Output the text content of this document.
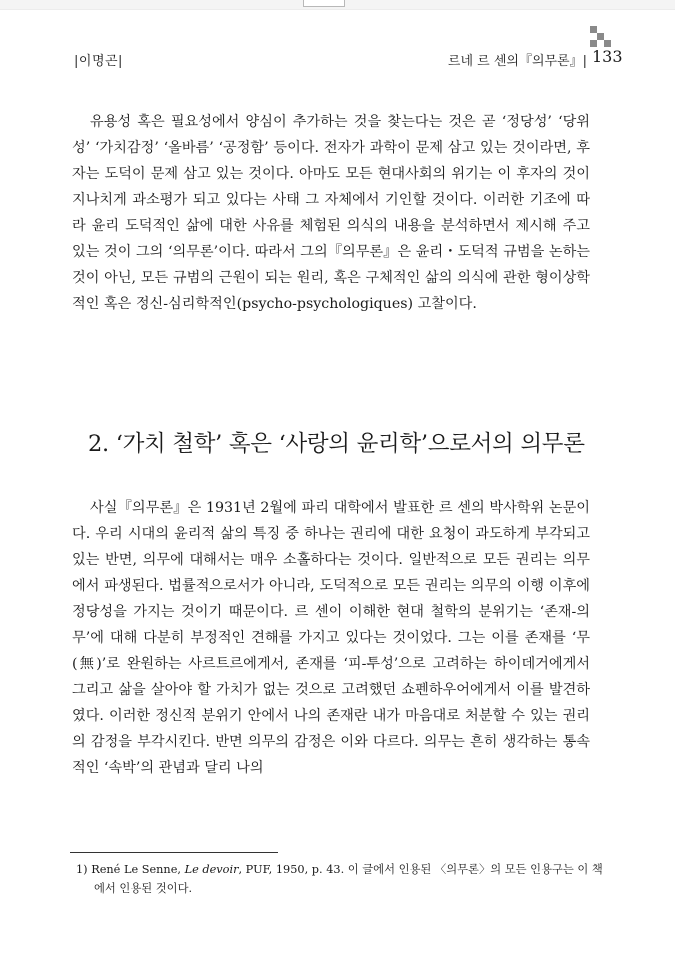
|이명곤|	르네 르 센의『의무론』| 133

유용성 혹은 필요성에서 양심이 추가하는 것을 찾는다는 것은 곧 ‘정당성’ ‘당위성’ ‘가치감정’ ‘올바름’ ‘공정함’ 등이다. 전자가 과학이 문제 삼고 있는 것이라면, 후자는 도덕이 문제 삼고 있는 것이다. 아마도 모든 현대사회의 위기는 이 후자의 것이 지나치게 과소평가 되고 있다는 사태 그 자체에서 기인할 것이다. 이러한 기조에 따라 윤리 도덕적인 삶에 대한 사유를 체험된 의식의 내용을 분석하면서 제시해 주고 있는 것이 그의 ‘의무론’이다. 따라서 그의『의무론』은 윤리・도덕적 규범을 논하는 것이 아닌, 모든 규범의 근원이 되는 원리, 혹은 구체적인 삶의 의식에 관한 형이상학적인 혹은 정신-심리학적인(psycho-psychologiques) 고찰이다.

2. ‘가치 철학’ 혹은 ‘사랑의 윤리학’으로서의 의무론

사실『의무론』은 1931년 2월에 파리 대학에서 발표한 르 센의 박사학위 논문이다. 우리 시대의 윤리적 삶의 특징 중 하나는 권리에 대한 요청이 과도하게 부각되고 있는 반면, 의무에 대해서는 매우 소홀하다는 것이다. 일반적으로 모든 권리는 의무에서 파생된다. 법률적으로서가 아니라, 도덕적으로 모든 권리는 의무의 이행 이후에 정당성을 가지는 것이기 때문이다. 르 센이 이해한 현대 철학의 분위기는 ‘존재-의무’에 대해 다분히 부정적인 견해를 가지고 있다는 것이었다. 그는 이를 존재를 ‘무(無)’로 완원하는 사르트르에게서, 존재를 ‘피-투성’으로 고려하는 하이데거에게서 그리고 삶을 살아야 할 가치가 없는 것으로 고려했던 쇼펜하우어에게서 이를 발견하였다. 이러한 정신적 분위기 안에서 나의 존재란 내가 마음대로 처분할 수 있는 권리의 감정을 부각시킨다. 반면 의무의 감정은 이와 다르다. 의무는 흔히 생각하는 통속적인 ‘속박’의 관념과 달리 나의

1) René Le Senne, Le devoir, PUF, 1950, p. 43. 이 글에서 인용된 〈의무론〉의 모든 인용구는 이 책에서 인용된 것이다.
